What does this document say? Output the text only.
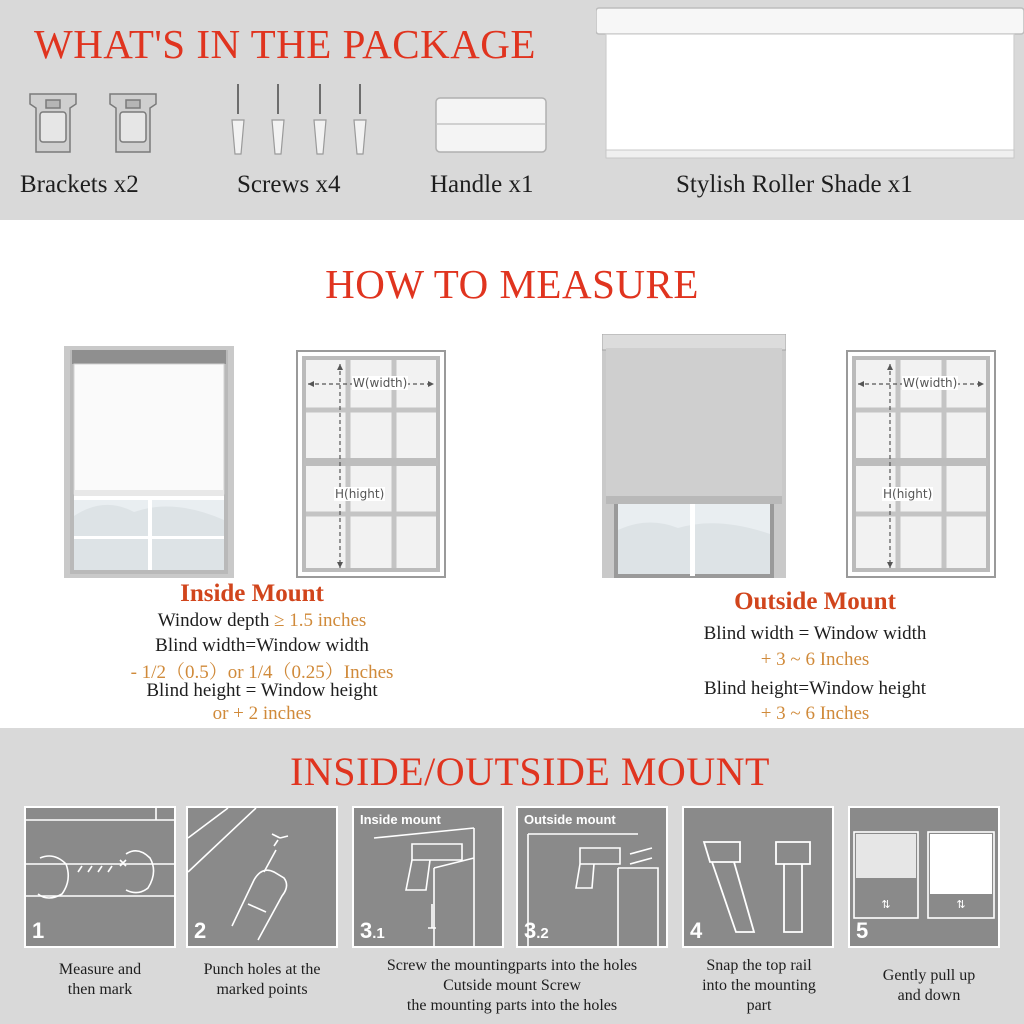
WHAT'S IN THE PACKAGE
Brackets x2	Screws x4	Handle x1	Stylish Roller Shade x1
HOW TO MEASURE
W(width)
H(hight)
W(width)
H(hight)
Inside Mount
Window depth ≥ 1.5 inches
Blind width=Window width
- 1/2（0.5）or 1/4（0.25）Inches
Blind height = Window height
or + 2 inches
Outside Mount
Blind width = Window width
+ 3 ~ 6 Inches
Blind height=Window height
+ 3 ~ 6 Inches
INSIDE/OUTSIDE MOUNT
1
Measure and
then mark
2
Punch holes at the
marked points
Inside mount
3.1
Outside mount
3.2
Screw the mountingparts into the holes
Cutside mount Screw
the mounting parts into the holes
4
Snap the top rail
into the mounting
part
⇅	⇅
5
Gently pull up
and down
